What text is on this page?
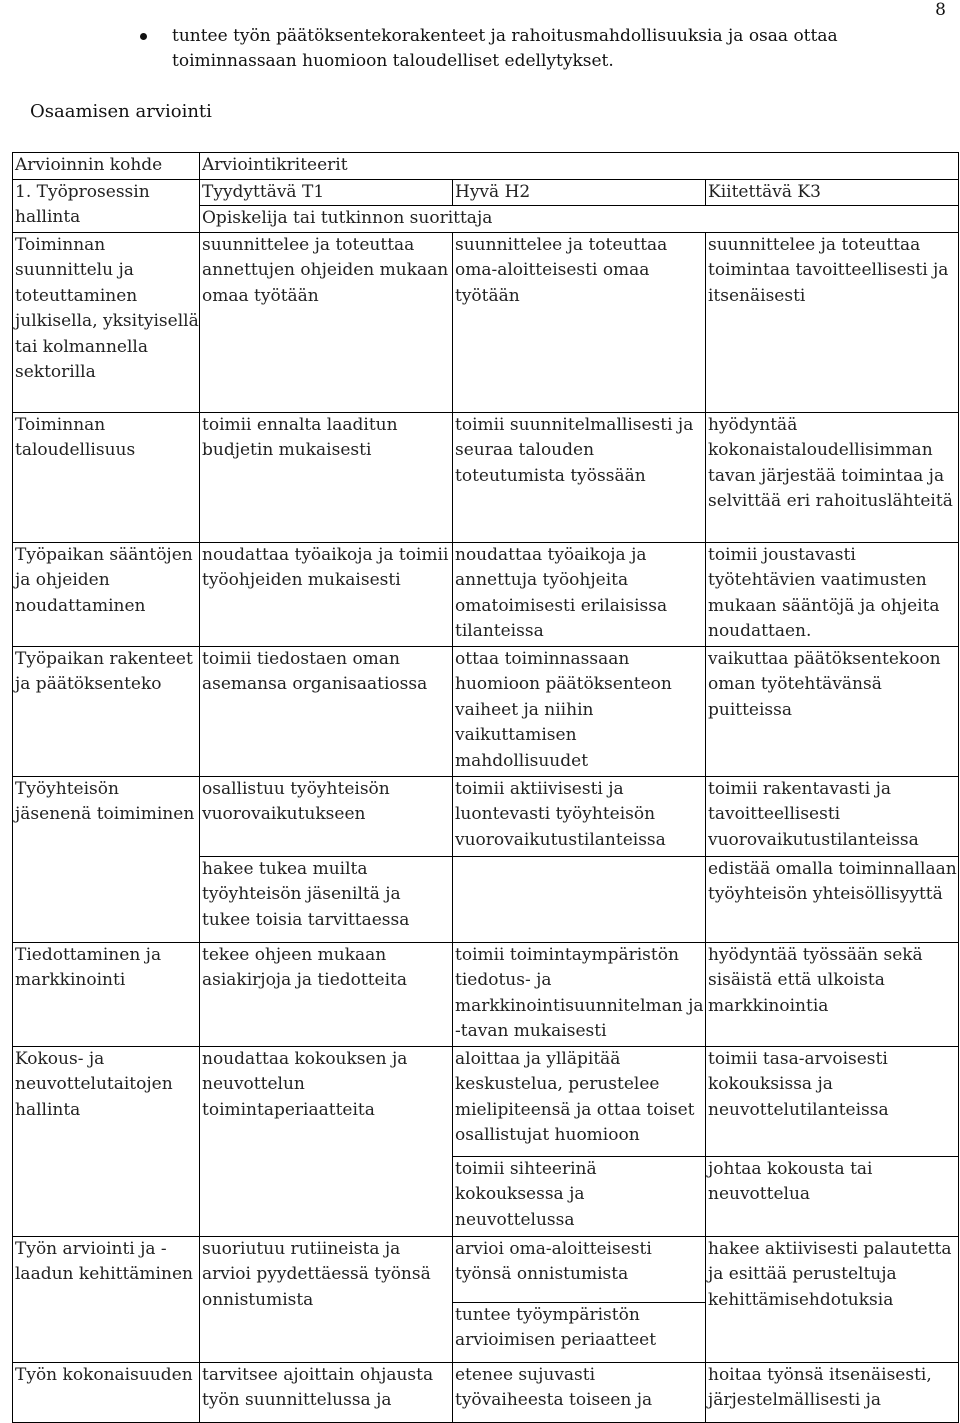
8
tuntee työn päätöksentekorakenteet ja rahoitusmahdollisuuksia ja osaa ottaa toiminnassaan huomioon taloudelliset edellytykset.
Osaamisen arviointi
Arvioinnin kohde	Arviointikriteerit		
1. Työprosessin hallinta	Tyydyttävä T1	Hyvä H2	Kiitettävä K3
	Opiskelija tai tutkinnon suorittaja		
Toiminnan suunnittelu ja toteuttaminen julkisella, yksityisellä tai kolmannella sektorilla	suunnittelee ja toteuttaa annettujen ohjeiden mukaan omaa työtään	suunnittelee ja toteuttaa oma-aloitteisesti omaa työtään	suunnittelee ja toteuttaa toimintaa tavoitteellisesti ja itsenäisesti
Toiminnan taloudellisuus	toimii ennalta laaditun budjetin mukaisesti	toimii suunnitelmallisesti ja seuraa talouden toteutumista työssään	hyödyntää kokonaistaloudellisimman tavan järjestää toimintaa ja selvittää eri rahoituslähteitä
Työpaikan sääntöjen ja ohjeiden noudattaminen	noudattaa työaikoja ja toimii työohjeiden mukaisesti	noudattaa työaikoja ja annettuja työohjeita omatoimisesti erilaisissa tilanteissa	toimii joustavasti työtehtävien vaatimusten mukaan sääntöjä ja ohjeita noudattaen.
Työpaikan rakenteet ja päätöksenteko	toimii tiedostaen oman asemansa organisaatiossa	ottaa toiminnassaan huomioon päätöksenteon vaiheet ja niihin vaikuttamisen mahdollisuudet	vaikuttaa päätöksentekoon oman työtehtävänsä puitteissa
Työyhteisön jäsenenä toimiminen	osallistuu työyhteisön vuorovaikutukseen	toimii aktiivisesti ja luontevasti työyhteisön vuorovaikutustilanteissa	toimii rakentavasti ja tavoitteellisesti vuorovaikutustilanteissa
	hakee tukea muilta työyhteisön jäseniltä ja tukee toisia tarvittaessa		edistää omalla toiminnallaan työyhteisön yhteisöllisyyttä
Tiedottaminen ja markkinointi	tekee ohjeen mukaan asiakirjoja ja tiedotteita	toimii toimintaympäristön tiedotus- ja markkinointisuunnitelman ja -tavan mukaisesti	hyödyntää työssään sekä sisäistä että ulkoista markkinointia
Kokous- ja neuvottelutaitojen hallinta	noudattaa kokouksen ja neuvottelun toimintaperiaatteita	aloittaa ja ylläpitää keskustelua, perustelee mielipiteensä ja ottaa toiset osallistujat huomioon	toimii tasa-arvoisesti kokouksissa ja neuvottelutilanteissa
		toimii sihteerinä kokouksessa ja neuvottelussa	johtaa kokousta tai neuvottelua
Työn arviointi ja -laadun kehittäminen	suoriutuu rutiineista ja arvioi pyydettäessä työnsä onnistumista	arvioi oma-aloitteisesti työnsä onnistumista	hakee aktiivisesti palautetta ja esittää perusteltuja kehittämisehdotuksia
		tuntee työympäristön arvioimisen periaatteet	
Työn kokonaisuuden	tarvitsee ajoittain ohjausta työn suunnittelussa ja	etenee sujuvasti työvaiheesta toiseen ja	hoitaa työnsä itsenäisesti, järjestelmällisesti ja
